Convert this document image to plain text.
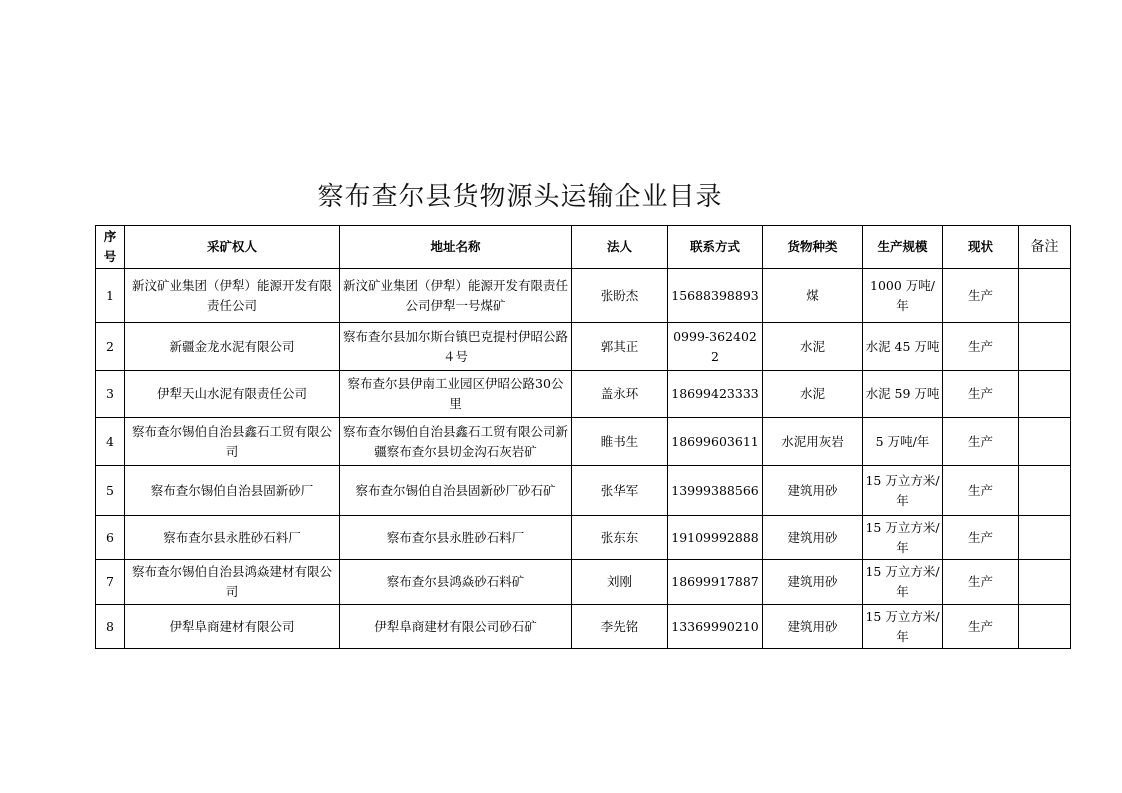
察布查尔县货物源头运输企业目录
序号	采矿权人	地址名称	法人	联系方式	货物种类	生产规模	现状	备注
1	新汶矿业集团（伊犁）能源开发有限责任公司	新汶矿业集团（伊犁）能源开发有限责任公司伊犁一号煤矿	张盼杰	15688398893	煤	1000 万吨/年	生产	
2	新疆金龙水泥有限公司	察布查尔县加尔斯台镇巴克提村伊昭公路４号	郭其正	0999-3624022	水泥	水泥 45 万吨	生产	
3	伊犁天山水泥有限责任公司	察布查尔县伊南工业园区伊昭公路30公里	盖永环	18699423333	水泥	水泥 59 万吨	生产	
4	察布查尔锡伯自治县鑫石工贸有限公司	察布查尔锡伯自治县鑫石工贸有限公司新疆察布查尔县切金沟石灰岩矿	睢书生	18699603611	水泥用灰岩	5 万吨/年	生产	
5	察布查尔锡伯自治县固新砂厂	察布查尔锡伯自治县固新砂厂砂石矿	张华军	13999388566	建筑用砂	15 万立方米/年	生产	
6	察布查尔县永胜砂石料厂	察布查尔县永胜砂石料厂	张东东	19109992888	建筑用砂	15 万立方米/年	生产	
7	察布查尔锡伯自治县鸿焱建材有限公司	察布查尔县鸿焱砂石料矿	刘刚	18699917887	建筑用砂	15 万立方米/年	生产	
8	伊犁阜商建材有限公司	伊犁阜商建材有限公司砂石矿	李先铭	13369990210	建筑用砂	15 万立方米/年	生产	
